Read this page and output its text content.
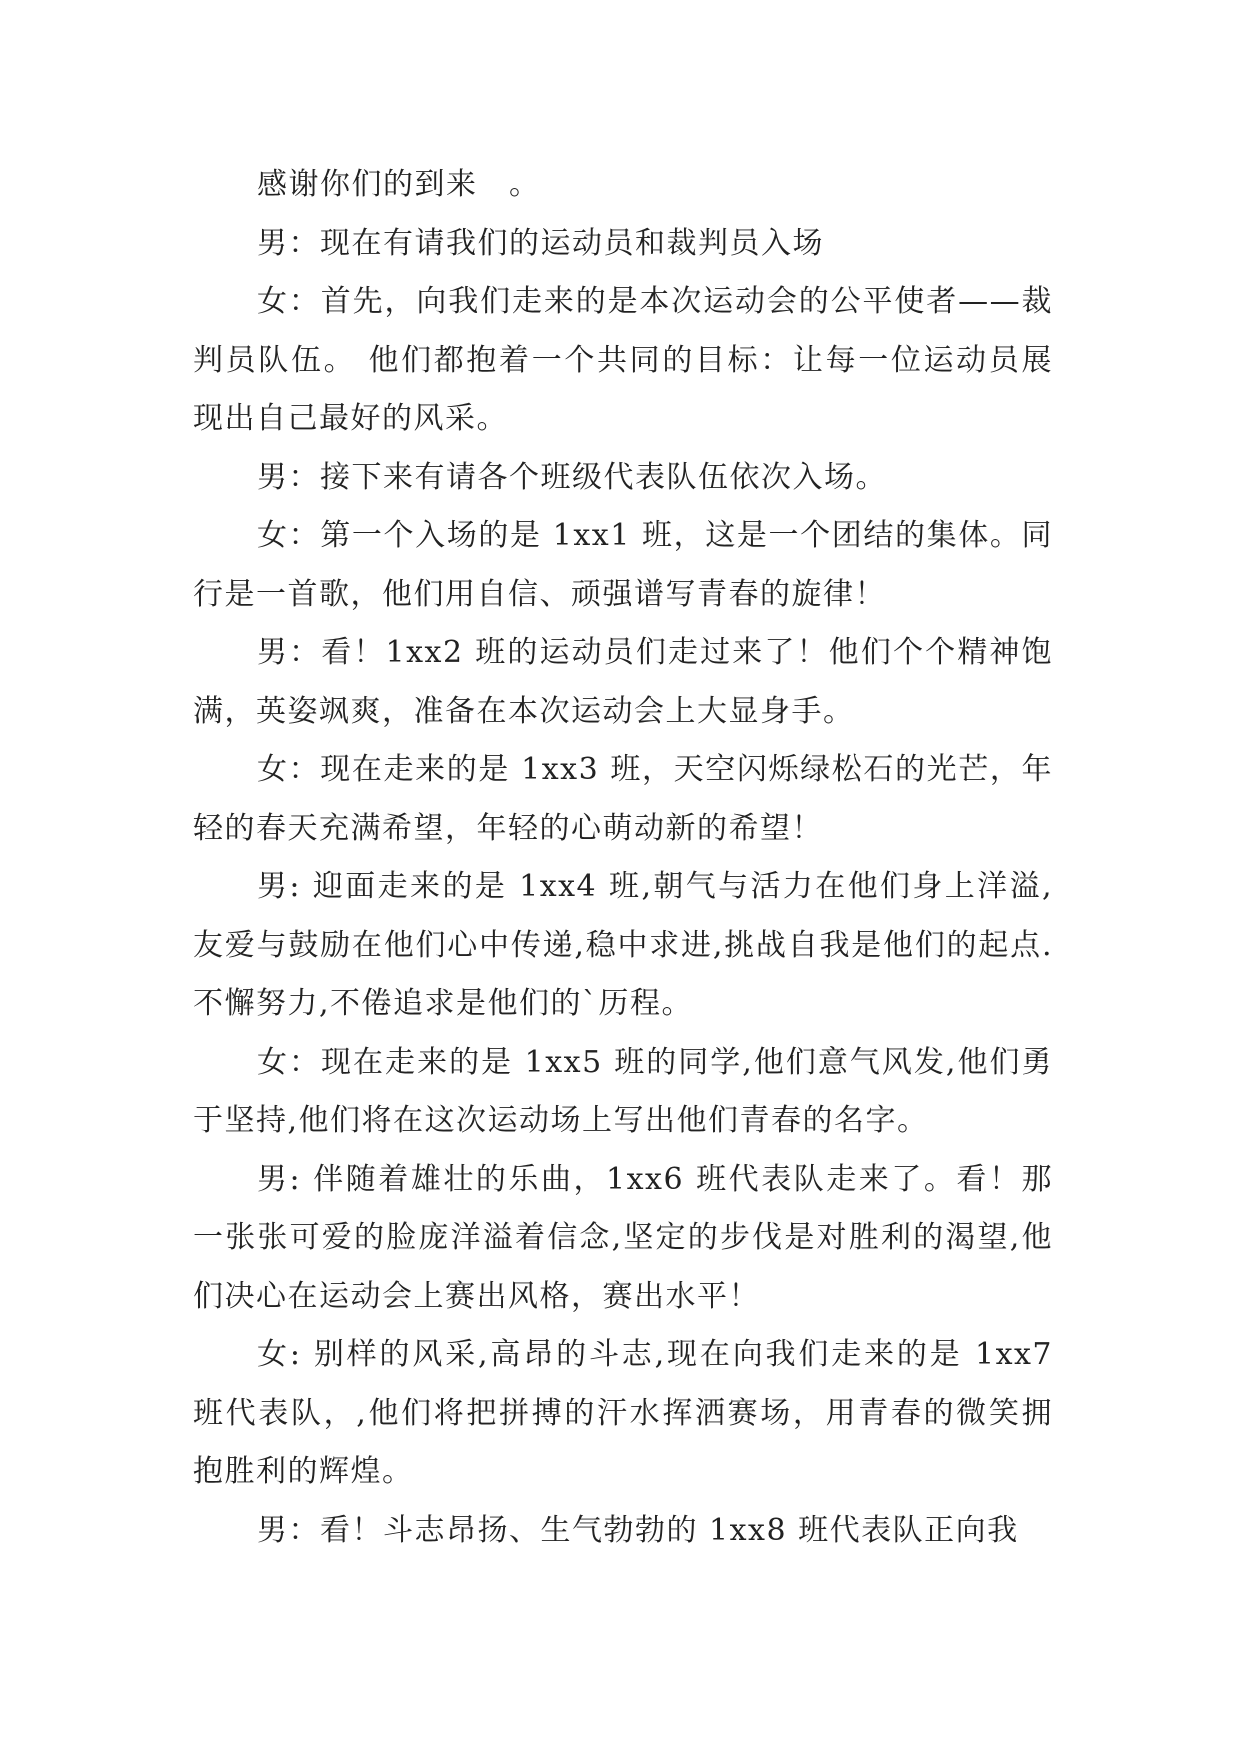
感谢你们的到来　。

男：现在有请我们的运动员和裁判员入场

女：首先，向我们走来的是本次运动会的公平使者——裁判员队伍。 他们都抱着一个共同的目标：让每一位运动员展现出自己最好的风采。

男：接下来有请各个班级代表队伍依次入场。

女：第一个入场的是 1xx1 班，这是一个团结的集体。同行是一首歌，他们用自信、顽强谱写青春的旋律！

男：看！1xx2 班的运动员们走过来了！他们个个精神饱满，英姿飒爽，准备在本次运动会上大显身手。

女：现在走来的是 1xx3 班，天空闪烁绿松石的光芒，年轻的春天充满希望，年轻的心萌动新的希望！

男: 迎面走来的是 1xx4 班,朝气与活力在他们身上洋溢,友爱与鼓励在他们心中传递,稳中求进,挑战自我是他们的起点.不懈努力,不倦追求是他们的`历程。

女：现在走来的是 1xx5 班的同学,他们意气风发,他们勇于坚持,他们将在这次运动场上写出他们青春的名字。

男: 伴随着雄壮的乐曲，1xx6 班代表队走来了。看！那一张张可爱的脸庞洋溢着信念,坚定的步伐是对胜利的渴望,他们决心在运动会上赛出风格，赛出水平！

女: 别样的风采,高昂的斗志,现在向我们走来的是 1xx7 班代表队，,他们将把拼搏的汗水挥洒赛场，用青春的微笑拥抱胜利的辉煌。

男：看！斗志昂扬、生气勃勃的 1xx8 班代表队正向我
